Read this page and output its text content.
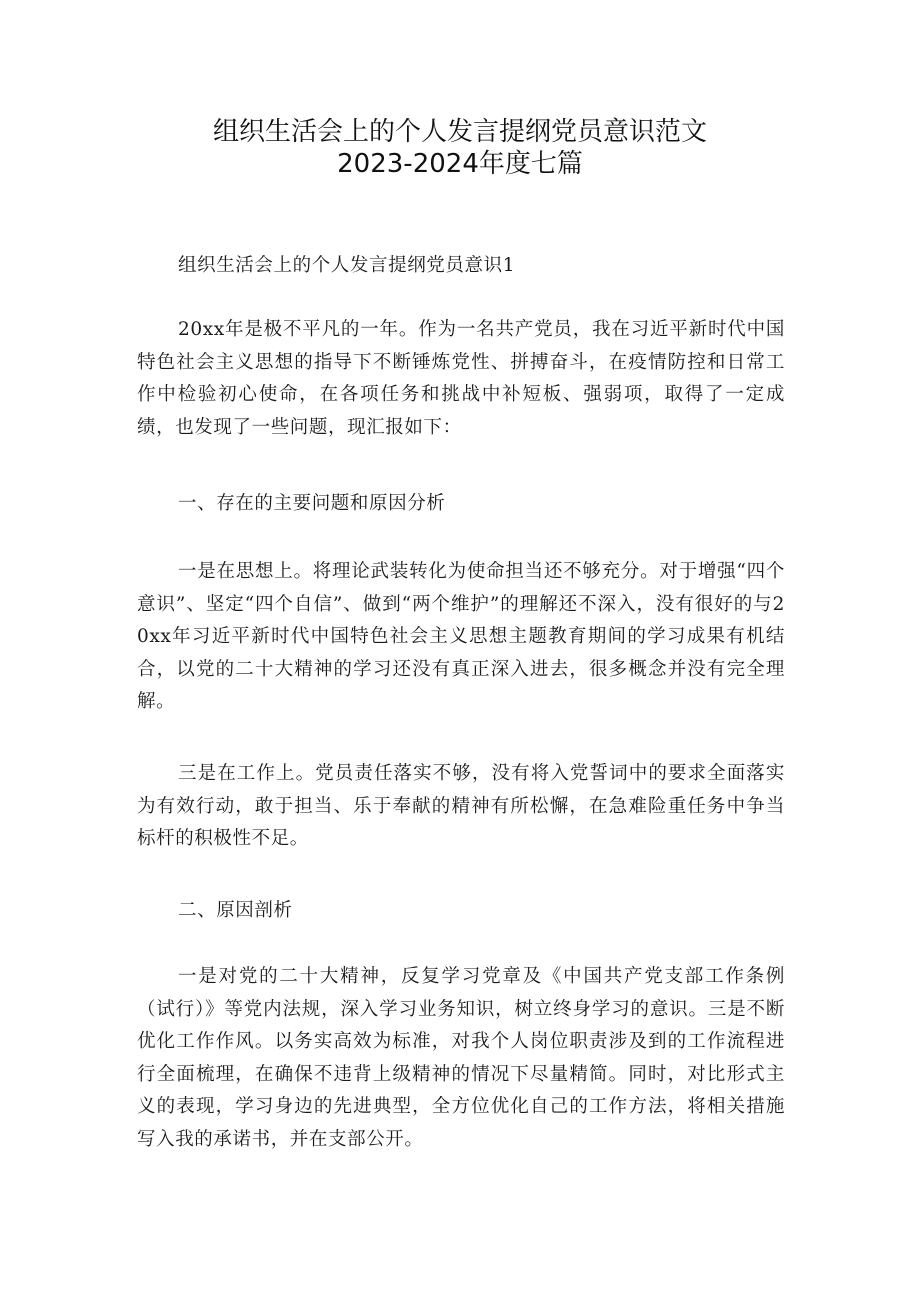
组织生活会上的个人发言提纲党员意识范文
2023-2024年度七篇
组织生活会上的个人发言提纲党员意识1
20xx年是极不平凡的一年。作为一名共产党员，我在习近平新时代中国特色社会主义思想的指导下不断锤炼党性、拼搏奋斗，在疫情防控和日常工作中检验初心使命，在各项任务和挑战中补短板、强弱项，取得了一定成绩，也发现了一些问题，现汇报如下：
一、存在的主要问题和原因分析
一是在思想上。将理论武装转化为使命担当还不够充分。对于增强“四个意识”、坚定“四个自信”、做到“两个维护”的理解还不深入，没有很好的与20xx年习近平新时代中国特色社会主义思想主题教育期间的学习成果有机结合，以党的二十大精神的学习还没有真正深入进去，很多概念并没有完全理解。
三是在工作上。党员责任落实不够，没有将入党誓词中的要求全面落实为有效行动，敢于担当、乐于奉献的精神有所松懈，在急难险重任务中争当标杆的积极性不足。
二、原因剖析
一是对党的二十大精神，反复学习党章及《中国共产党支部工作条例（试行）》等党内法规，深入学习业务知识，树立终身学习的意识。三是不断优化工作作风。以务实高效为标准，对我个人岗位职责涉及到的工作流程进行全面梳理，在确保不违背上级精神的情况下尽量精简。同时，对比形式主义的表现，学习身边的先进典型，全方位优化自己的工作方法，将相关措施写入我的承诺书，并在支部公开。
